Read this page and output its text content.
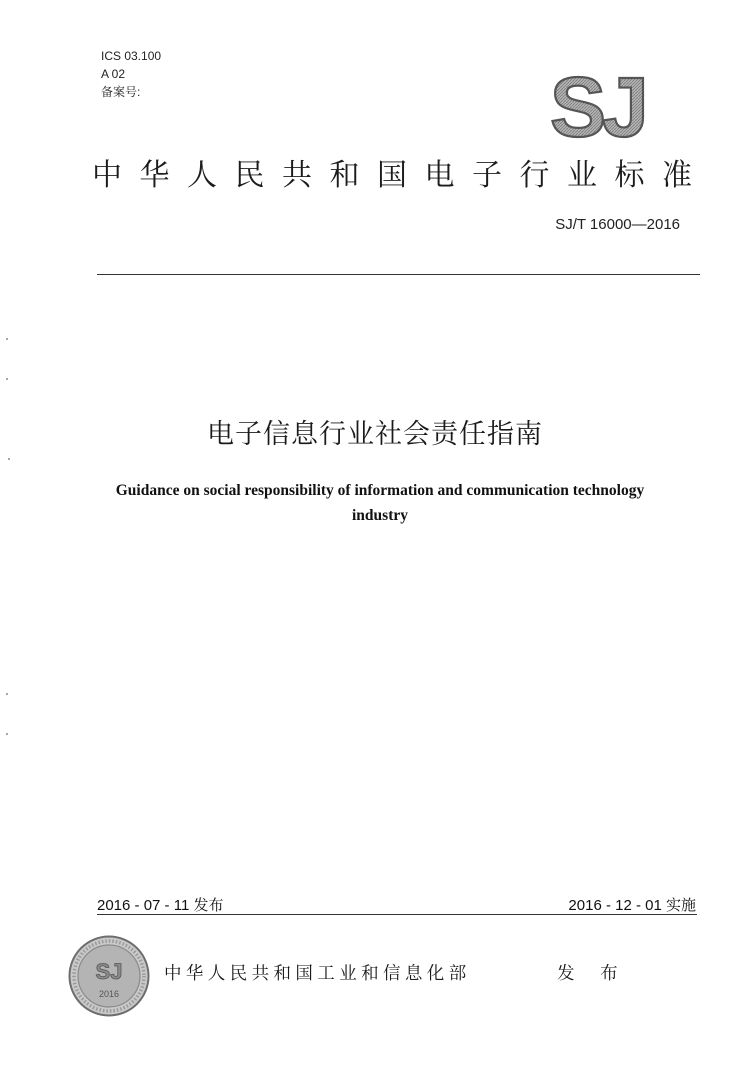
ICS 03.100
A 02
备案号:	SJ
中华人民共和国电子行业标准
SJ/T 16000—2016
电子信息行业社会责任指南
Guidance on social responsibility of information and communication technology
industry
2016 - 07 - 11 发布	2016 - 12 - 01 实施
SJ
2016
中华人民共和国工业和信息化部	发 布
